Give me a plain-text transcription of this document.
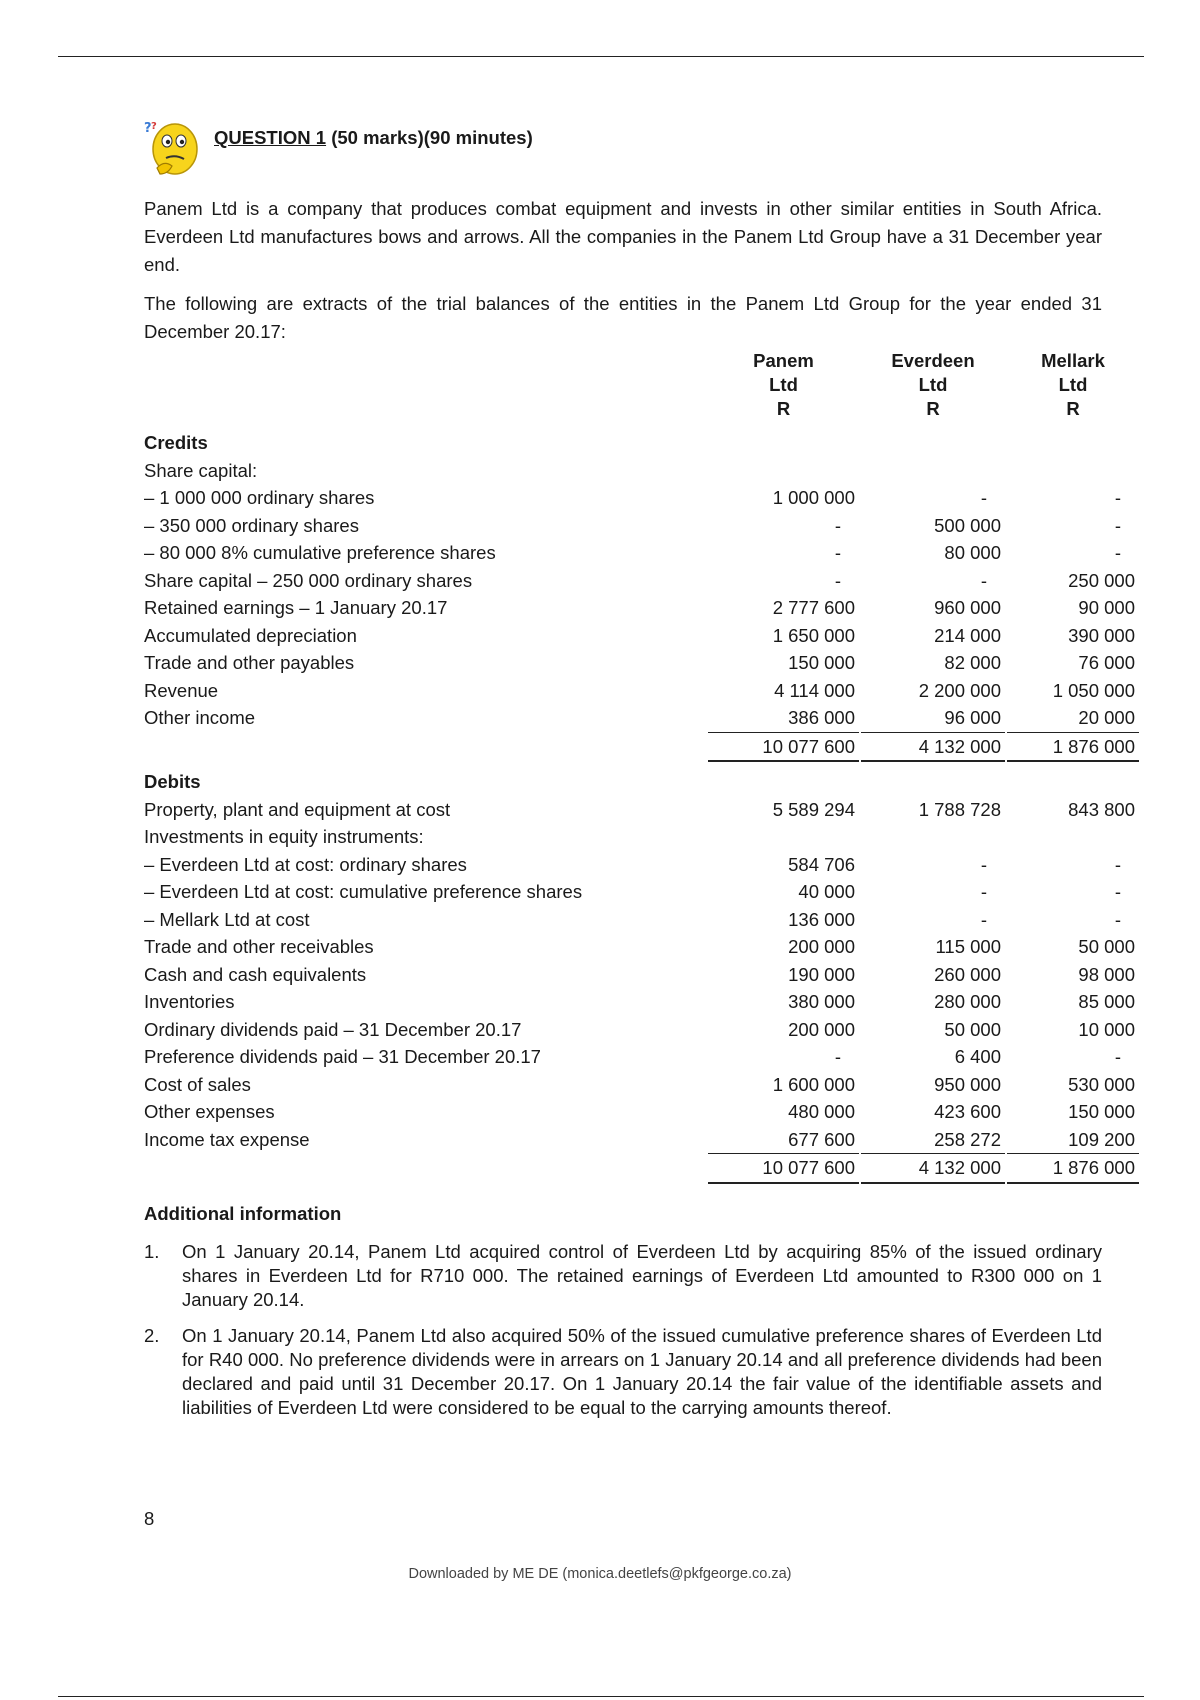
? ?
QUESTION 1 (50 marks)(90 minutes)
Panem Ltd is a company that produces combat equipment and invests in other similar entities in South Africa. Everdeen Ltd manufactures bows and arrows. All the companies in the Panem Ltd Group have a 31 December year end.
The following are extracts of the trial balances of the entities in the Panem Ltd Group for the year ended 31 December 20.17:
		Panem		Everdeen		Mellark
		Ltd		Ltd		Ltd
		R		R		R

Credits						
Share capital:						
– 1 000 000 ordinary shares		1 000 000		-		-
– 350 000 ordinary shares		-		500 000		-
– 80 000 8% cumulative preference shares		-		80 000		-
Share capital – 250 000 ordinary shares		-		-		250 000
Retained earnings – 1 January 20.17		2 777 600		960 000		90 000
Accumulated depreciation		1 650 000		214 000		390 000
Trade and other payables		150 000		82 000		76 000
Revenue		4 114 000		2 200 000		1 050 000
Other income		386 000		96 000		20 000
		10 077 600		4 132 000		1 876 000

Debits						
Property, plant and equipment at cost		5 589 294		1 788 728		843 800
Investments in equity instruments:						
– Everdeen Ltd at cost: ordinary shares		584 706		-		-
– Everdeen Ltd at cost: cumulative preference shares		40 000		-		-
– Mellark Ltd at cost		136 000		-		-
Trade and other receivables		200 000		115 000		50 000
Cash and cash equivalents		190 000		260 000		98 000
Inventories		380 000		280 000		85 000
Ordinary dividends paid – 31 December 20.17		200 000		50 000		10 000
Preference dividends paid – 31 December 20.17		-		6 400		-
Cost of sales		1 600 000		950 000		530 000
Other expenses		480 000		423 600		150 000
Income tax expense		677 600		258 272		109 200
		10 077 600		4 132 000		1 876 000

Additional information
1. On 1 January 20.14, Panem Ltd acquired control of Everdeen Ltd by acquiring 85% of the issued ordinary shares in Everdeen Ltd for R710 000. The retained earnings of Everdeen Ltd amounted to R300 000 on 1 January 20.14.
2. On 1 January 20.14, Panem Ltd also acquired 50% of the issued cumulative preference shares of Everdeen Ltd for R40 000. No preference dividends were in arrears on 1 January 20.14 and all preference dividends had been declared and paid until 31 December 20.17. On 1 January 20.14 the fair value of the identifiable assets and liabilities of Everdeen Ltd were considered to be equal to the carrying amounts thereof.
8
Downloaded by ME DE (monica.deetlefs@pkfgeorge.co.za)
